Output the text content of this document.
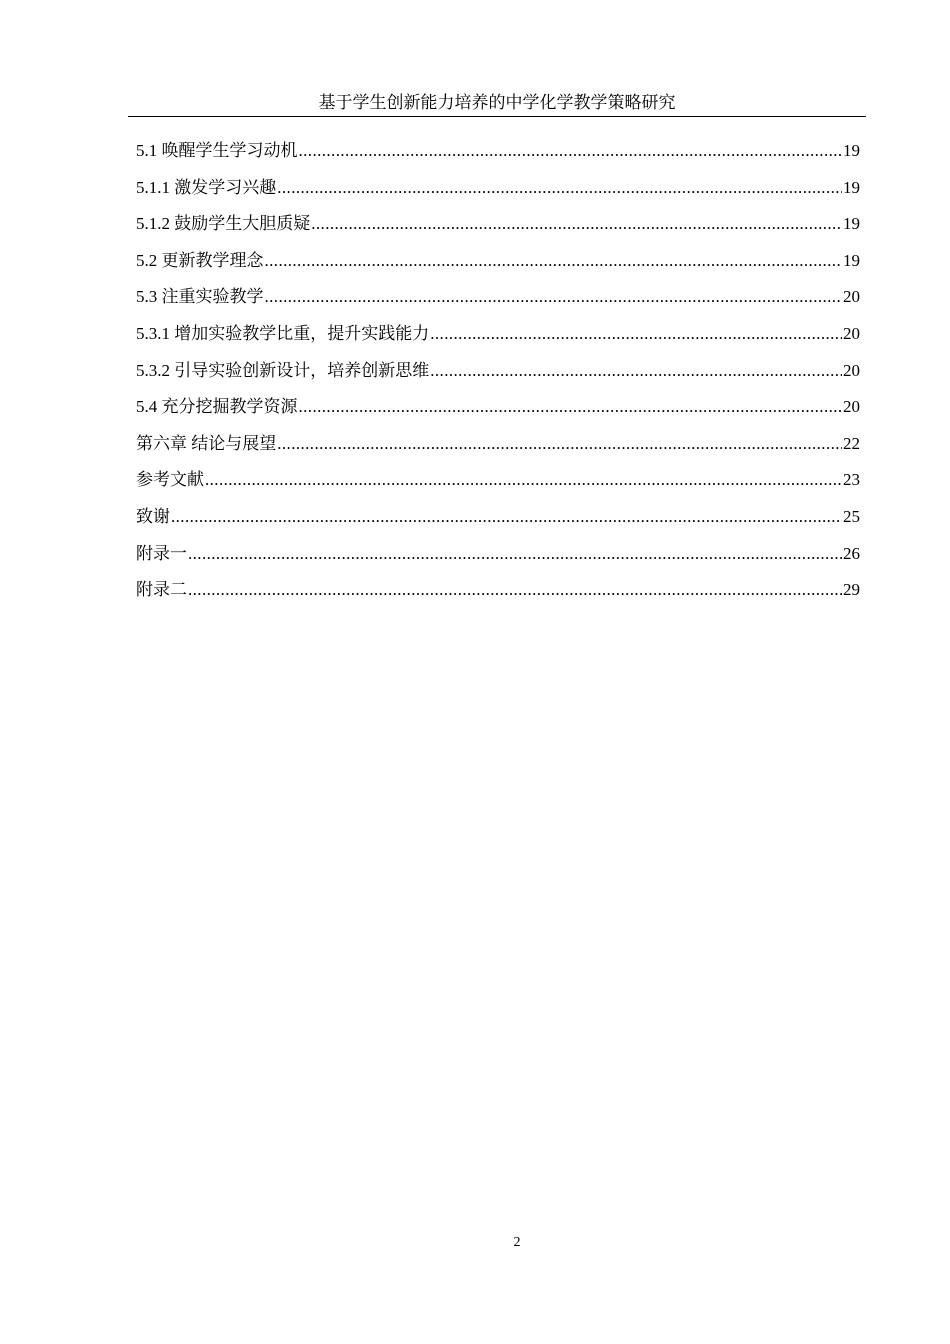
基于学生创新能力培养的中学化学教学策略研究
5.1 唤醒学生学习动机 .....	19
5.1.1 激发学习兴趣 .....	19
5.1.2 鼓励学生大胆质疑 .....	19
5.2 更新教学理念 .....	19
5.3 注重实验教学 .....	20
5.3.1 增加实验教学比重，提升实践能力 .....	20
5.3.2 引导实验创新设计，培养创新思维 .....	20
5.4 充分挖掘教学资源 .....	20
第六章 结论与展望 .....	22
参考文献 .....	23
致谢 .....	25
附录一 .....	26
附录二 .....	29
2
